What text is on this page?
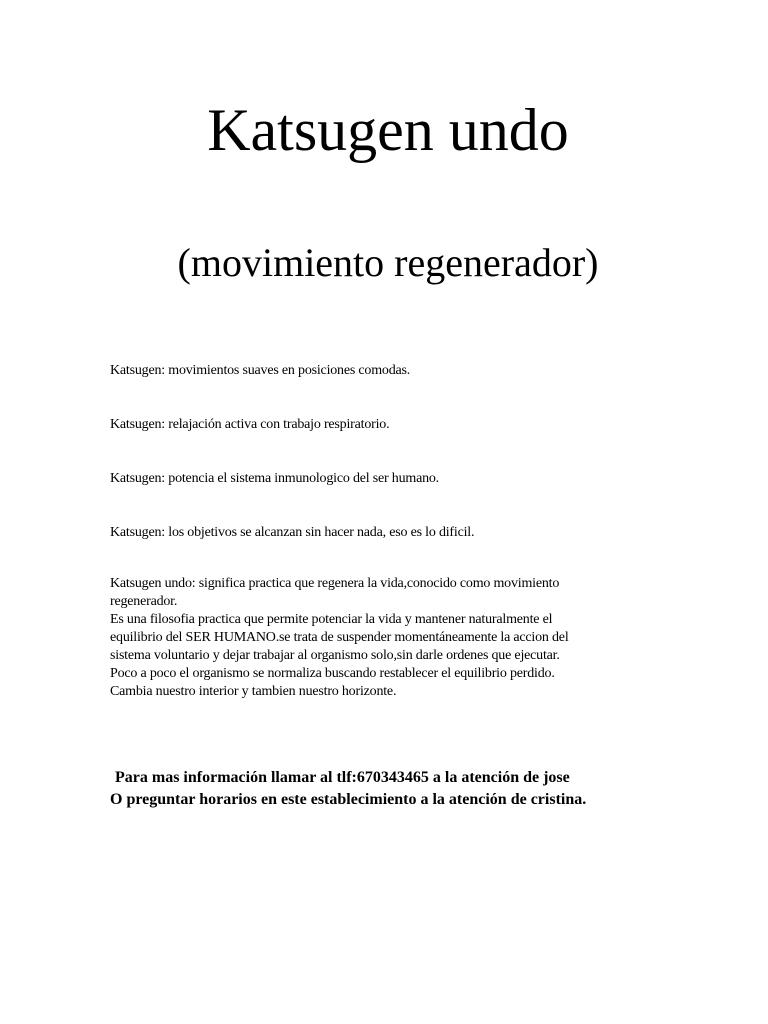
Katsugen undo
(movimiento regenerador)

Katsugen: movimientos suaves en posiciones comodas.

Katsugen: relajación activa con trabajo respiratorio.

Katsugen: potencia el sistema inmunologico del ser humano.

Katsugen: los objetivos se alcanzan sin hacer nada, eso es lo dificil.

Katsugen undo: significa practica que regenera la vida,conocido como movimiento
regenerador.
Es una filosofia practica que permite potenciar la vida y mantener naturalmente el
equilibrio del SER HUMANO.se trata de suspender momentáneamente la accion del
sistema voluntario y dejar trabajar al organismo solo,sin darle ordenes que ejecutar.
Poco a poco el organismo se normaliza buscando restablecer el equilibrio perdido.
Cambia nuestro interior y tambien nuestro horizonte.
Para mas información llamar al tlf:670343465 a la atención de jose
O preguntar horarios en este establecimiento a la atención de cristina.
